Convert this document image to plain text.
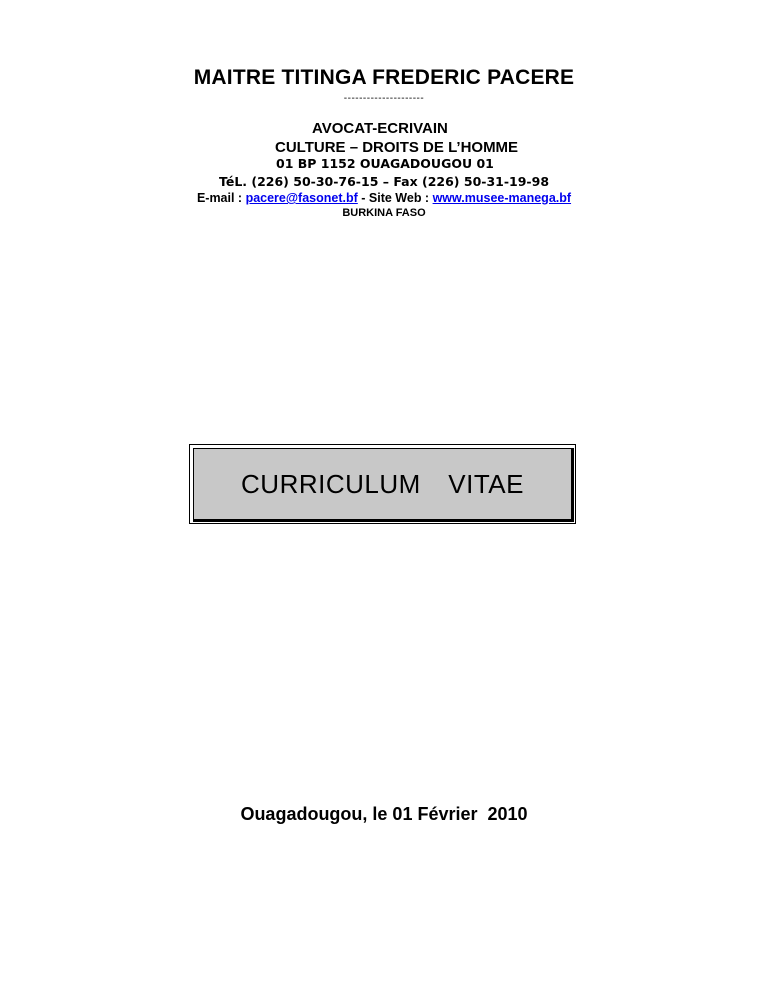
MAITRE TITINGA FREDERIC PACERE
---------------------
AVOCAT-ECRIVAIN
CULTURE – DROITS DE L’HOMME
01 BP 1152 OUAGADOUGOU 01
TéL. (226) 50-30-76-15 – Fax (226) 50-31-19-98
E-mail : pacere@fasonet.bf - Site Web : www.musee-manega.bf
BURKINA FASO
CURRICULUM  VITAE
Ouagadougou, le 01 Février  2010
